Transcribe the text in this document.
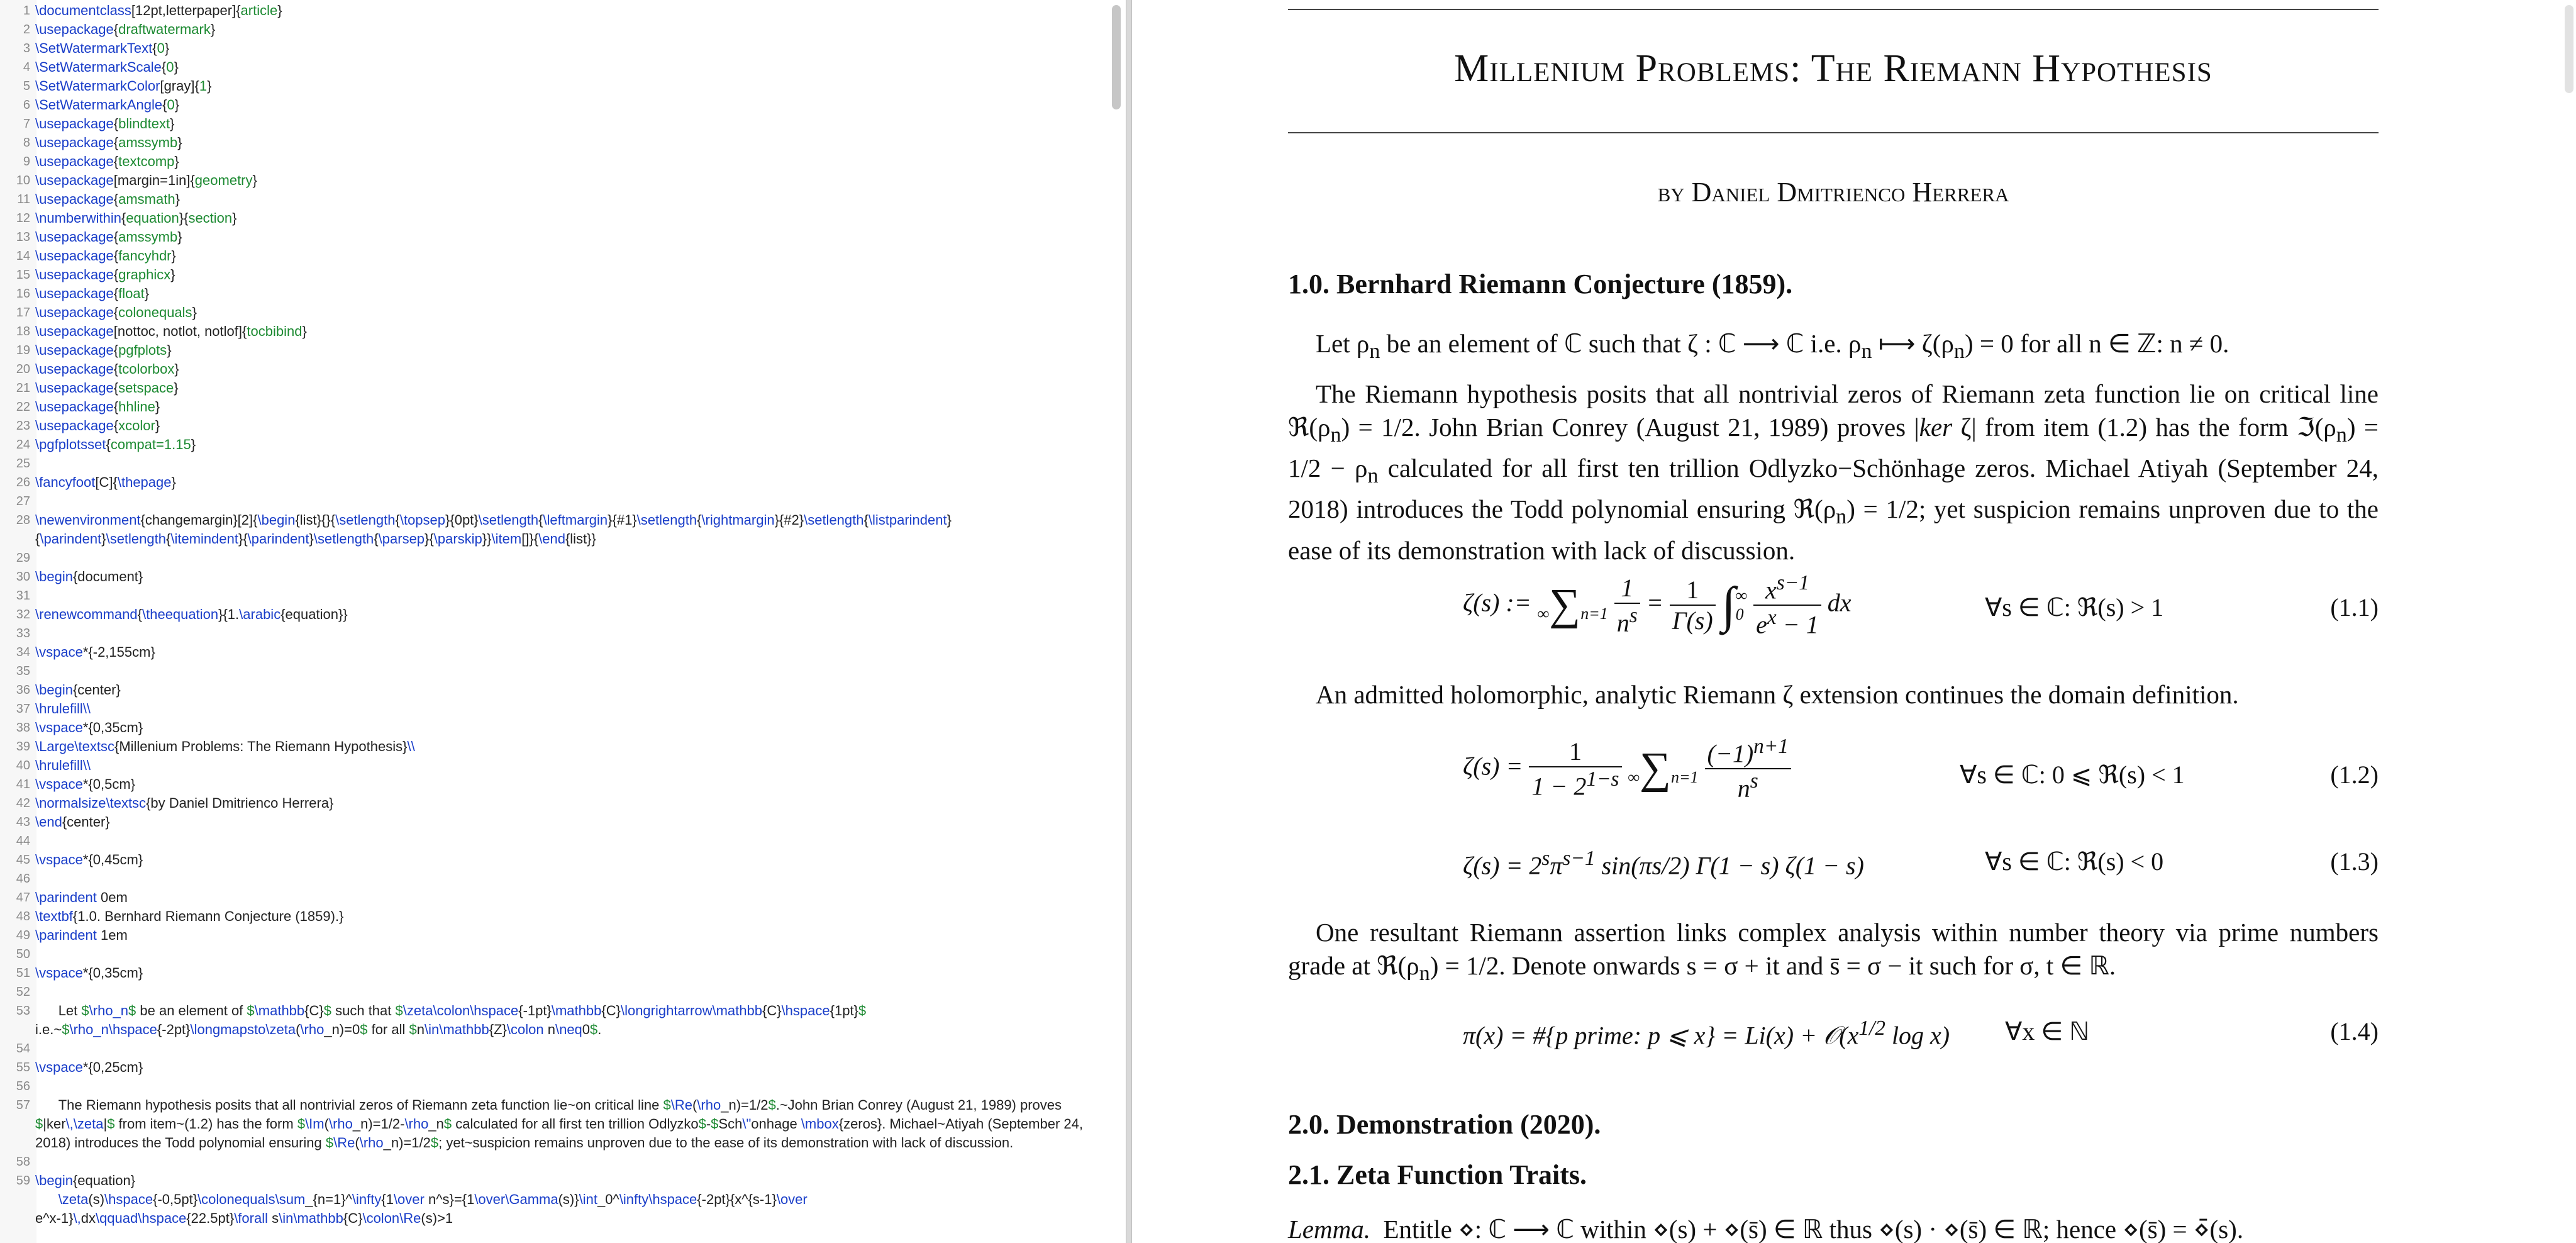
1 \documentclass[12pt,letterpaper]{article}
2 \usepackage{draftwatermark}
3 \SetWatermarkText{0}
4 \SetWatermarkScale{0}
5 \SetWatermarkColor[gray]{1}
6 \SetWatermarkAngle{0}
7 \usepackage{blindtext}
8 \usepackage{amssymb}
9 \usepackage{textcomp}
10 \usepackage[margin=1in]{geometry}
11 \usepackage{amsmath}
12 \numberwithin{equation}{section}
13 \usepackage{amssymb}
14 \usepackage{fancyhdr}
15 \usepackage{graphicx}
16 \usepackage{float}
17 \usepackage{colonequals}
18 \usepackage[nottoc, notlot, notlof]{tocbibind}
19 \usepackage{pgfplots}
20 \usepackage{tcolorbox}
21 \usepackage{setspace}
22 \usepackage{hhline}
23 \usepackage{xcolor}
24 \pgfplotsset{compat=1.15}
25

26 \fancyfoot[C]{\thepage}
27

28 \newenvironment{changemargin}[2]{\begin{list}{}{\setlength{\topsep}{0pt}\setlength{\leftmargin}{#1}\setlength{\rightmargin}{#2}\setlength{\listparindent}{\parindent}\setlength{\itemindent}{\parindent}\setlength{\parsep}{\parskip}}\item[]}{\end{list}}
29

30 \begin{document}
31

32 \renewcommand{\theequation}{1.\arabic{equation}}
33

34 \vspace*{-2,155cm}
35

36 \begin{center}
37 \hrulefill\\
38 \vspace*{0,35cm}
39 \Large\textsc{Millenium Problems: The Riemann Hypothesis}\\
40 \hrulefill\\
41 \vspace*{0,5cm}
42 \normalsize\textsc{by Daniel Dmitrienco Herrera}
43 \end{center}
44

45 \vspace*{0,45cm}
46

47 \parindent 0em
48 \textbf{1.0. Bernhard Riemann Conjecture (1859).}
49 \parindent 1em
50

51 \vspace*{0,35cm}
52

53 Let $\rho_n$ be an element of $\mathbb{C}$ such that $\zeta\colon\hspace{-1pt}\mathbb{C}\longrightarrow\mathbb{C}\hspace{1pt}$ i.e.~$\rho_n\hspace{-2pt}\longmapsto\zeta(\rho_n)=0$ for all $n\in\mathbb{Z}\colon n\neq0$.
54

55 \vspace*{0,25cm}
56

57 The Riemann hypothesis posits that all nontrivial zeros of Riemann zeta function lie~on critical line $\Re(\rho_n)=1/2$.~John Brian Conrey (August 21, 1989) proves $|ker\,\zeta|$ from item~(1.2) has the form $\Im(\rho_n)=1/2-\rho_n$ calculated for all first ten trillion Odlyzko$-$Sch\"onhage \mbox{zeros}. Michael~Atiyah (September 24, 2018) introduces the Todd polynomial ensuring $\Re(\rho_n)=1/2$; yet~suspicion remains unproven due to the ease of its demonstration with lack of discussion.
58

59 \begin{equation}
\zeta(s)\hspace{-0,5pt}\colonequals\sum_{n=1}^\infty{1\over n^s}={1\over\Gamma(s)}\int_0^\infty\hspace{-2pt}{x^{s-1}\over
e^x-1}\,dx\qquad\hspace{22.5pt}\forall s\in\mathbb{C}\colon\Re(s)>1
Millenium Problems: The Riemann Hypothesis
by Daniel Dmitrienco Herrera
1.0. Bernhard Riemann Conjecture (1859).
Let $\rho_n$ be an element of ℂ such that ζ : ℂ ⟶ ℂ i.e. $\rho_n$ ⟼ $\zeta(\rho_n) = 0$ for all n ∈ ℤ: n ≠ 0.
The Riemann hypothesis posits that all nontrivial zeros of Riemann zeta function lie on critical line $ℜ(\rho_n) = 1/2$. John Brian Conrey (August 21, 1989) proves |ker ζ| from item (1.2) has the form $ℑ(\rho_n) = 1/2 - \rho_n$ calculated for all first ten trillion Odlyzko−Schönhage zeros. Michael Atiyah (September 24, 2018) introduces the Todd polynomial ensuring $ℜ(\rho_n) = 1/2$; yet suspicion remains unproven due to the ease of its demonstration with lack of discussion.
ζ(s) := $\infty\sum n=1 \frac{1}{n^s} = \frac{1}{\Gamma(s)}$ ∫ ∞
0
$\frac{x^{s-1}}{e^x - 1}$ dx	∀s ∈ ℂ: ℜ(s) > 1	(1.1)
An admitted holomorphic, analytic Riemann ζ extension continues the domain definition.
$\zeta(s) = \frac{1}{1 - 2^{1-s}} \infty\sum n=1 \frac{(-1)^{n+1}}{n^s}$	∀s ∈ ℂ: 0 ⩽ ℜ(s) < 1	(1.2)
$\zeta(s) = 2^s\pi^{s-1}$ sin(πs/2) Γ(1 − s) ζ(1 − s)	∀s ∈ ℂ: ℜ(s) < 0	(1.3)
One resultant Riemann assertion links complex analysis within number theory via prime numbers grade at $ℜ(\rho_n) = 1/2$. Denote onwards s = σ + it and s̄ = σ − it such for σ, t ∈ ℝ.
π(x) = #{p prime: p ⩽ $x\} = Li(x) + 𝒪(x^{1/2}$ log x) ∀x ∈ ℕ	(1.4)
2.0. Demonstration (2020).
2.1. Zeta Function Traits.
Lemma.  Entitle ⋄: ℂ ⟶ ℂ within ⋄(s) + ⋄(s̄) ∈ ℝ thus ⋄(s) · ⋄(s̄) ∈ ℝ; hence ⋄(s̄) = ⋄̄(s).
